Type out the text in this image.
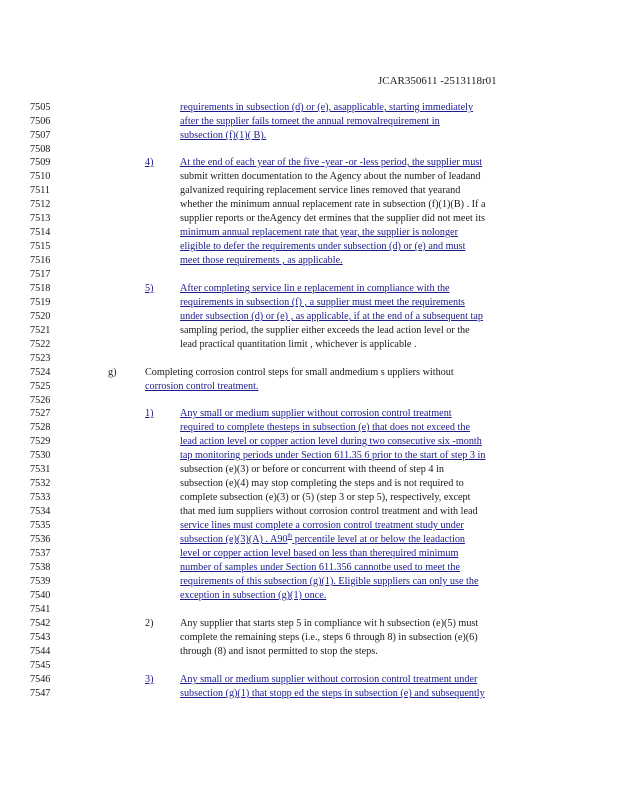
JCAR350611 -2513118r01
7505	requirements in subsection (d) or (e), asapplicable, starting immediately
7506	after the supplier fails tomeet the annual removalrequirement in
7507	subsection (f)(1)( B).
7508
7509	4)	At the end of each year of the five -year -or -less period, the supplier must
7510	submit written documentation to the Agency about the number of leadand
7511	galvanized requiring replacement service lines removed that yearand
7512	whether the minimum annual replacement rate in subsection (f)(1)(B) . If a
7513	supplier reports or theAgency det ermines that the supplier did not meet its
7514	minimum annual replacement rate that year, the supplier is nolonger
7515	eligible to defer the requirements under subsection (d) or (e) and must
7516	meet those requirements , as applicable.
7517
7518	5)	After completing service lin e replacement in compliance with the
7519	requirements in subsection (f) , a supplier must meet the requirements
7520	under subsection (d) or (e) , as applicable, if at the end of a subsequent tap
7521	sampling period, the supplier either exceeds the lead action level or the
7522	lead practical quantitation limit , whichever is applicable .
7523
7524	g)	Completing corrosion control steps for small andmedium s uppliers without
7525	corrosion control treatment.
7526
7527	1)	Any small or medium supplier without corrosion control treatment
7528	required to complete thesteps in subsection (e) that does not exceed the
7529	lead action level or copper action level during two consecutive six -month
7530	tap monitoring periods under Section 611.35 6 prior to the start of step 3 in
7531	subsection (e)(3) or before or concurrent with theend of step 4 in
7532	subsection (e)(4) may stop completing the steps and is not required to
7533	complete subsection (e)(3) or (5) (step 3 or step 5), respectively, except
7534	that med ium suppliers without corrosion control treatment and with lead
7535	service lines must complete a corrosion control treatment study under
7536	subsection (e)(3)(A) . A90th percentile level at or below the leadaction
7537	level or copper action level based on less than therequired minimum
7538	number of samples under Section 611.356 cannotbe used to meet the
7539	requirements of this subsection (g)(1). Eligible suppliers can only use the
7540	exception in subsection (g)(1) once.
7541
7542	2)	Any supplier that starts step 5 in compliance wit h subsection (e)(5) must
7543	complete the remaining steps (i.e., steps 6 through 8) in subsection (e)(6)
7544	through (8) and isnot permitted to stop the steps.
7545
7546	3)	Any small or medium supplier without corrosion control treatment under
7547	subsection (g)(1) that stopp ed the steps in subsection (e) and subsequently
